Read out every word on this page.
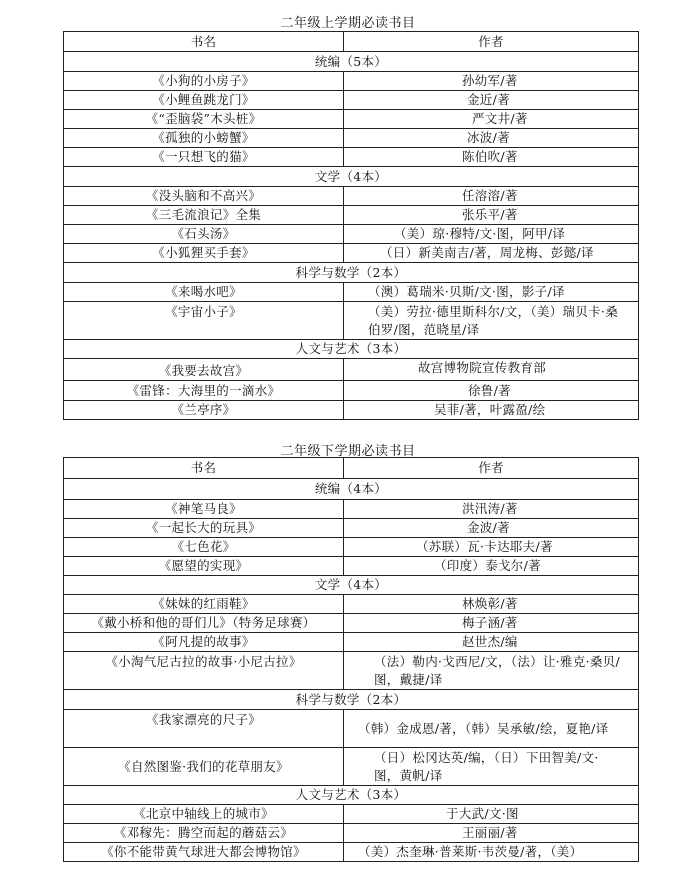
二年级上学期必读书目
书名	作者
统编（5本）	
《小狗的小房子》	孙幼军/著
《小鲤鱼跳龙门》	金近/著
《“歪脑袋”木头桩》	严文井/著
《孤独的小螃蟹》	冰波/著
《一只想飞的猫》	陈伯吹/著
文学（4本）	
《没头脑和不高兴》	任溶溶/著
《三毛流浪记》全集	张乐平/著
《石头汤》	（美）琼·穆特/文·图，阿甲/译
《小狐狸买手套》	（日）新美南吉/著，周龙梅、彭懿/译
科学与数学（2本）	
《来喝水吧》	（澳）葛瑞米·贝斯/文·图，影子/译
《宇宙小子》	（美）劳拉·德里斯科尔/文，（美）瑞贝卡·桑伯罗/图，范晓星/译
人文与艺术（3本）	
《我要去故宫》	故宫博物院宣传教育部
《雷锋：大海里的一滴水》	徐鲁/著
《兰亭序》	吴菲/著，叶露盈/绘
二年级下学期必读书目
书名	作者
统编（4本）	
《神笔马良》	洪汛涛/著
《一起长大的玩具》	金波/著
《七色花》	（苏联）瓦·卡达耶夫/著
《愿望的实现》	（印度）泰戈尔/著
文学（4本）	
《妹妹的红雨鞋》	林焕彰/著
《戴小桥和他的哥们儿》（特务足球赛）	梅子涵/著
《阿凡提的故事》	赵世杰/编
《小淘气尼古拉的故事·小尼古拉》	（法）勒内·戈西尼/文，（法）让·雅克·桑贝/图，戴捷/译
科学与数学（2本）	
《我家漂亮的尺子》	（韩）金成恩/著，（韩）吴承敏/绘，夏艳/译
《自然图鉴·我们的花草朋友》	（日）松冈达英/编，（日）下田智美/文·图，黄帆/译
人文与艺术（3本）	
《北京中轴线上的城市》	于大武/文·图
《邓稼先：腾空而起的蘑菇云》	王丽丽/著
《你不能带黄气球进大都会博物馆》	（美）杰奎琳·普莱斯·韦茨曼/著，（美）
